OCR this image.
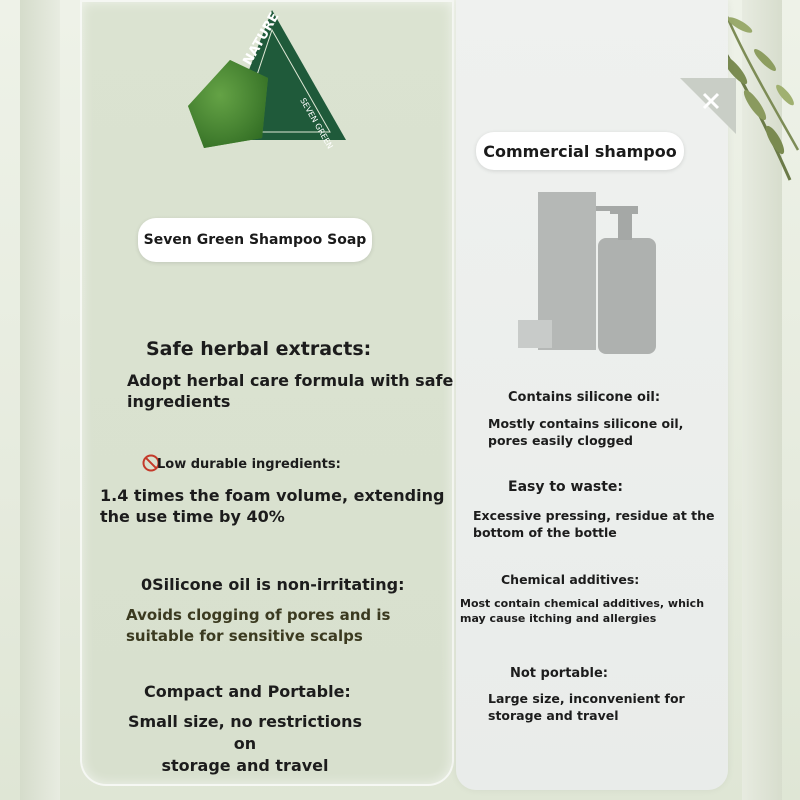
NATURE
SEVEN GREEN
Seven Green Shampoo Soap
Commercial shampoo
Safe herbal extracts:
Adopt herbal care formula with safe
ingredients
Low durable ingredients:
1.4 times the foam volume, extending
the use time by 40%
0Silicone oil is non-irritating:
Avoids clogging of pores and is
suitable for sensitive scalps
Compact and Portable:
Small size, no restrictions on
storage and travel
Contains silicone oil:
Mostly contains silicone oil,
pores easily clogged
Easy to waste:
Excessive pressing, residue at the
bottom of the bottle
Chemical additives:
Most contain chemical additives, which
may cause itching and allergies
Not portable:
Large size, inconvenient for
storage and travel
